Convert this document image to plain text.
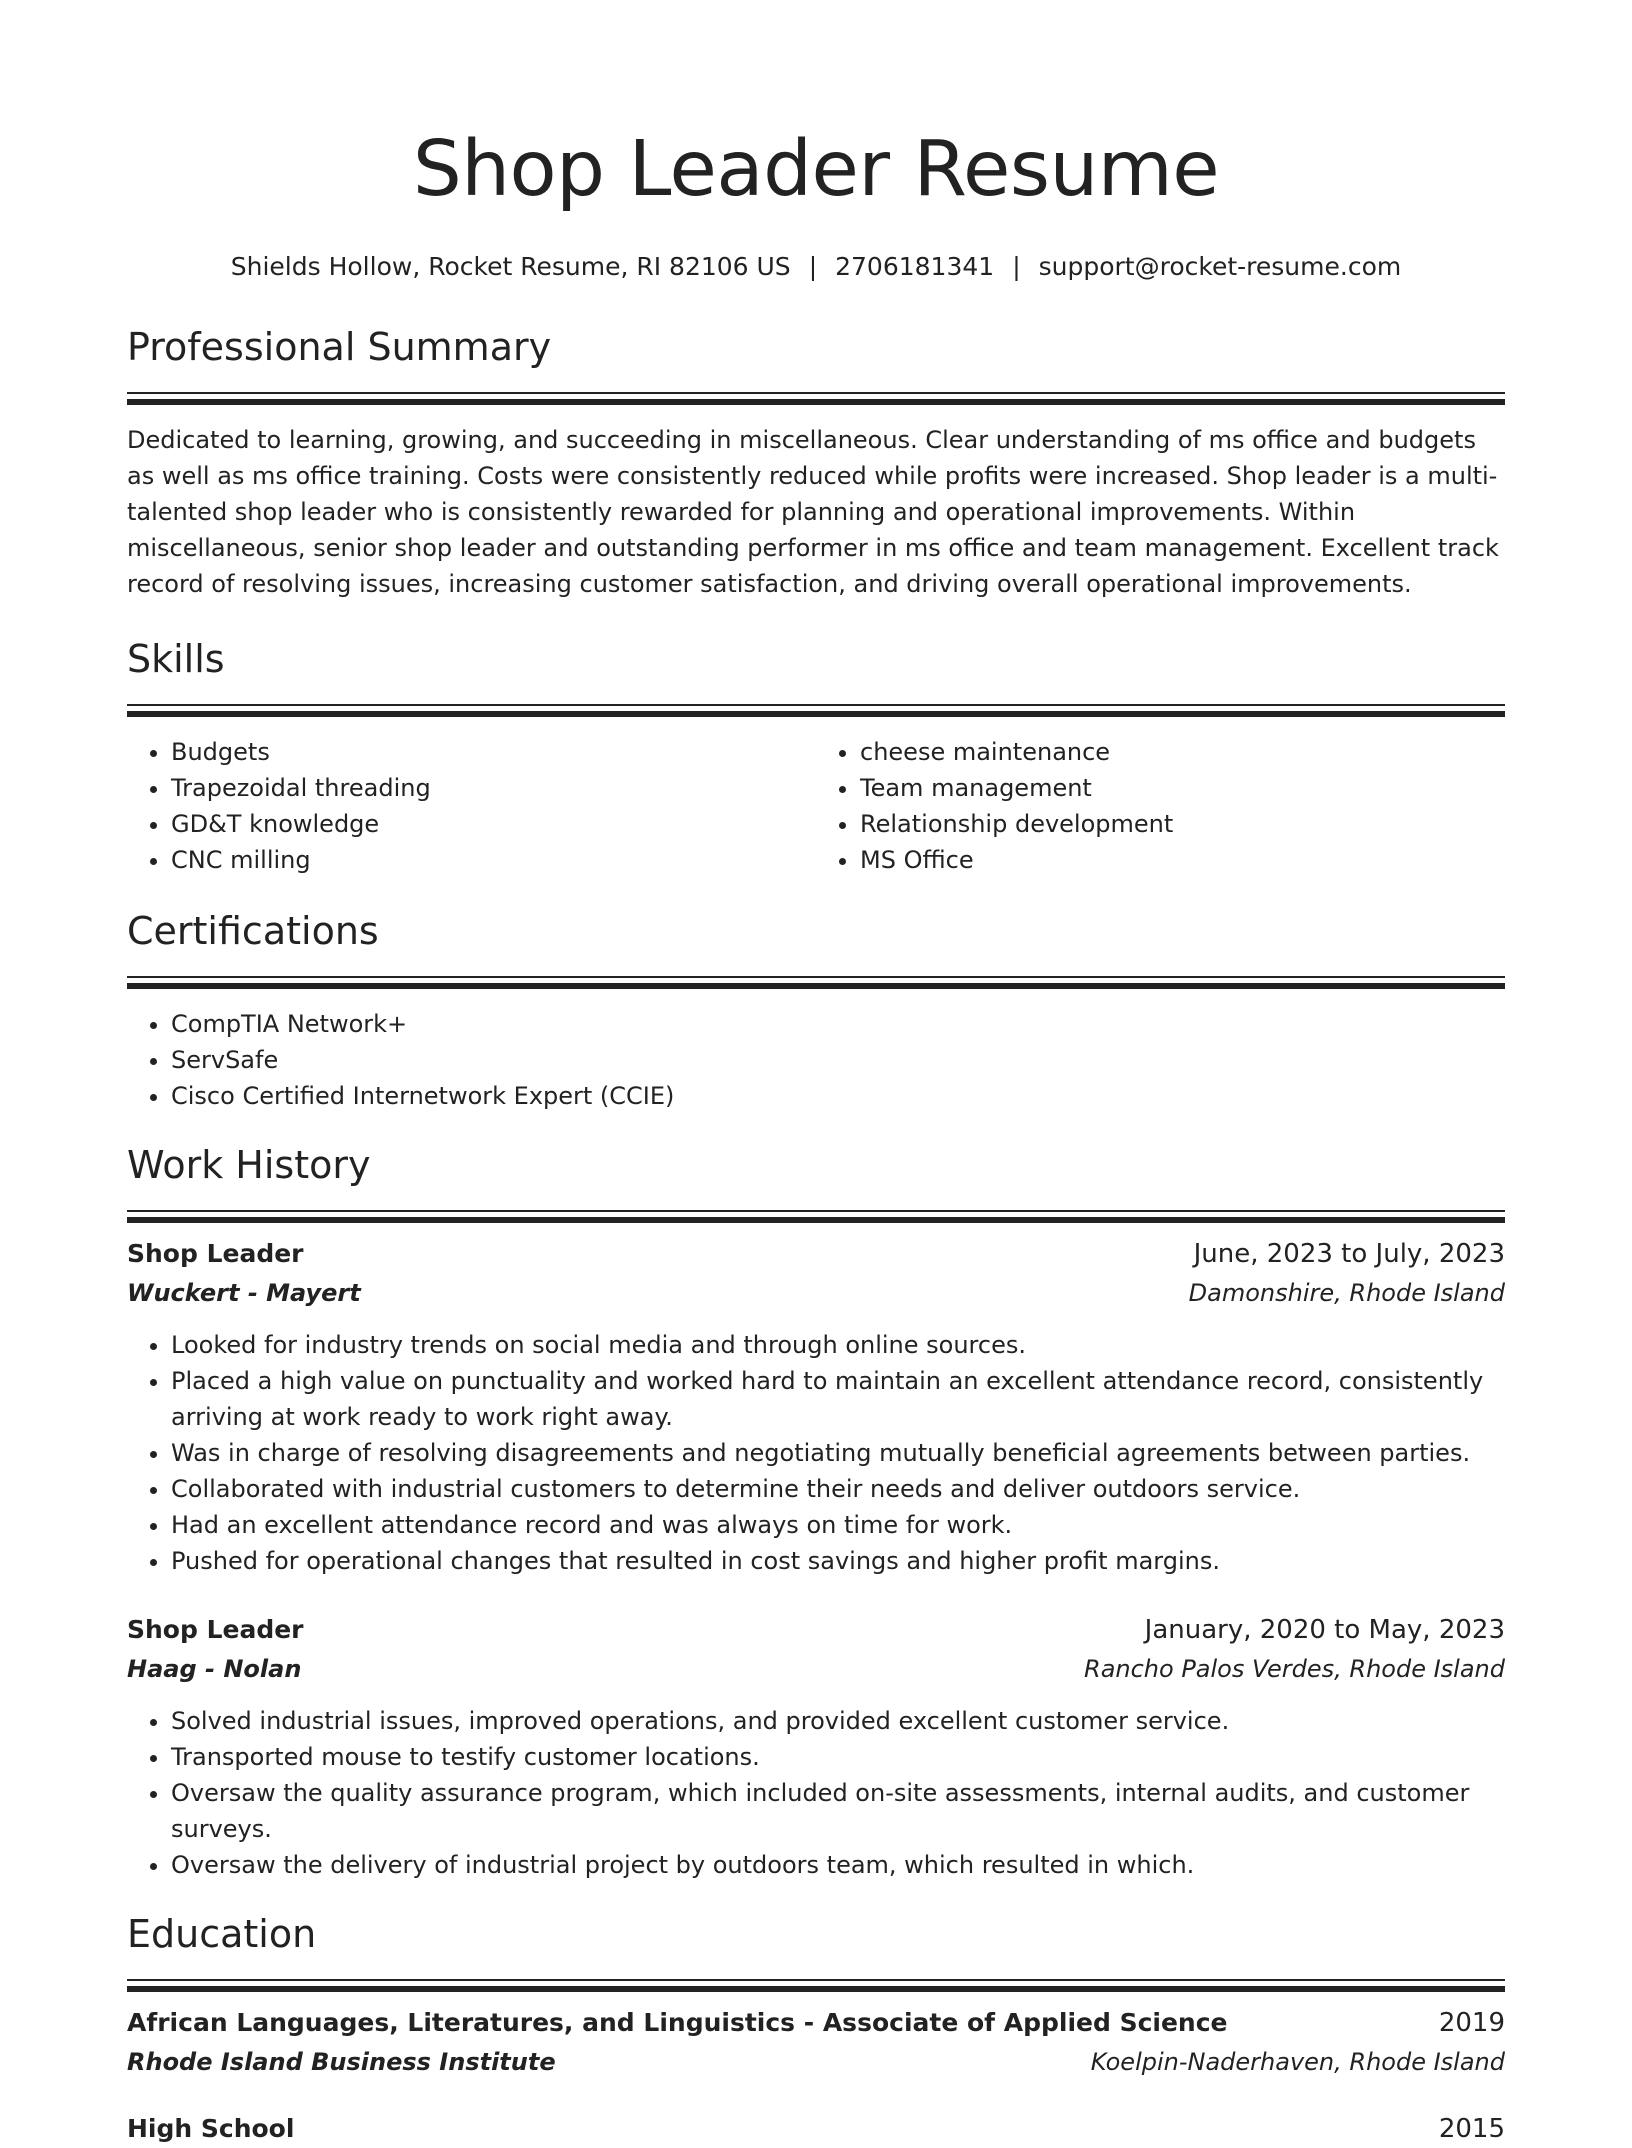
Shop Leader Resume
Shields Hollow, Rocket Resume, RI 82106 US | 2706181341 | support@rocket-resume.com
Professional Summary

Dedicated to learning, growing, and succeeding in miscellaneous. Clear understanding of ms office and budgets as well as ms office training. Costs were consistently reduced while profits were increased. Shop leader is a multi-talented shop leader who is consistently rewarded for planning and operational improvements. Within miscellaneous, senior shop leader and outstanding performer in ms office and team management. Excellent track record of resolving issues, increasing customer satisfaction, and driving overall operational improvements.

Skills
• Budgets
• Trapezoidal threading
• GD&T knowledge
• CNC milling
• cheese maintenance
• Team management
• Relationship development
• MS Office
Certifications
• CompTIA Network+
• ServSafe
• Cisco Certified Internetwork Expert (CCIE)
Work History
Shop Leader	June, 2023 to July, 2023
Wuckert - Mayert	Damonshire, Rhode Island
• Looked for industry trends on social media and through online sources.
• Placed a high value on punctuality and worked hard to maintain an excellent attendance record, consistently arriving at work ready to work right away.
• Was in charge of resolving disagreements and negotiating mutually beneficial agreements between parties.
• Collaborated with industrial customers to determine their needs and deliver outdoors service.
• Had an excellent attendance record and was always on time for work.
• Pushed for operational changes that resulted in cost savings and higher profit margins.
Shop Leader	January, 2020 to May, 2023
Haag - Nolan	Rancho Palos Verdes, Rhode Island
• Solved industrial issues, improved operations, and provided excellent customer service.
• Transported mouse to testify customer locations.
• Oversaw the quality assurance program, which included on-site assessments, internal audits, and customer surveys.
• Oversaw the delivery of industrial project by outdoors team, which resulted in which.
Education
African Languages, Literatures, and Linguistics - Associate of Applied Science	2019
Rhode Island Business Institute	Koelpin-Naderhaven, Rhode Island
High School	2015
